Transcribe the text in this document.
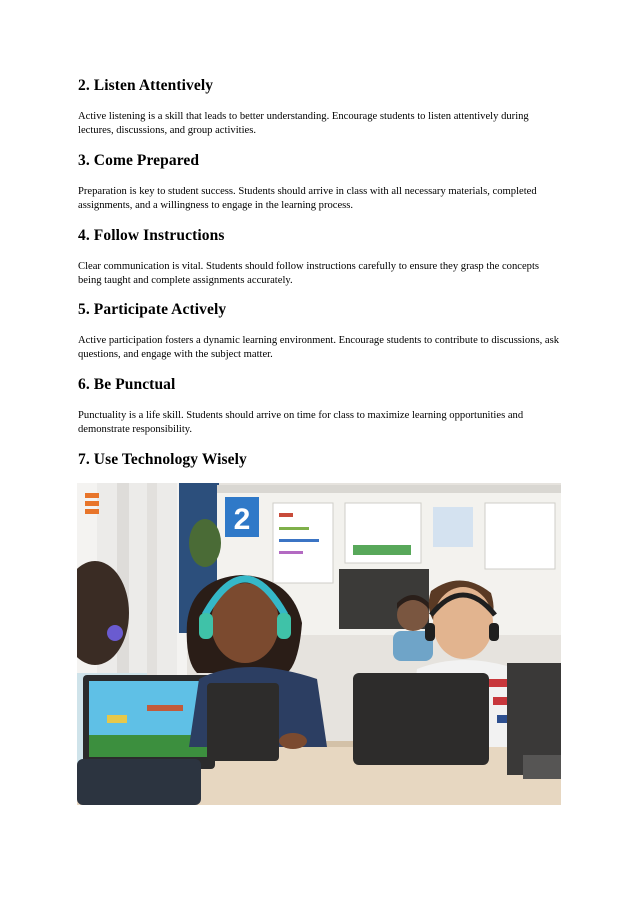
2. Listen Attentively

Active listening is a skill that leads to better understanding. Encourage students to listen attentively during lectures, discussions, and group activities.

3. Come Prepared

Preparation is key to student success. Students should arrive in class with all necessary materials, completed assignments, and a willingness to engage in the learning process.

4. Follow Instructions

Clear communication is vital. Students should follow instructions carefully to ensure they grasp the concepts being taught and complete assignments accurately.

5. Participate Actively

Active participation fosters a dynamic learning environment. Encourage students to contribute to discussions, ask questions, and engage with the subject matter.

6. Be Punctual

Punctuality is a life skill. Students should arrive on time for class to maximize learning opportunities and demonstrate responsibility.

7. Use Technology Wisely
2
